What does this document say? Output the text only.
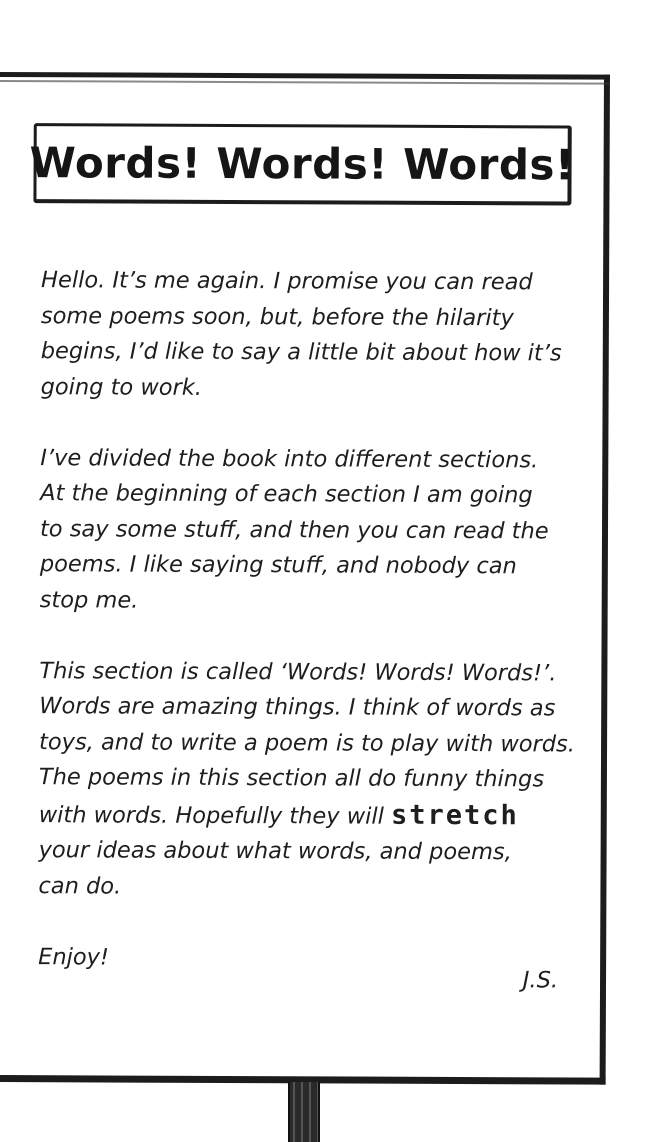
Words! Words! Words!

Hello. It’s me again. I promise you can read
some poems soon, but, before the hilarity
begins, I’d like to say a little bit about how it’s
going to work.

I’ve divided the book into different sections.
At the beginning of each section I am going
to say some stuff, and then you can read the
poems. I like saying stuff, and nobody can
stop me.

This section is called ‘Words! Words! Words!’.
Words are amazing things. I think of words as
toys, and to write a poem is to play with words.
The poems in this section all do funny things
with words. Hopefully they will stretch
your ideas about what words, and poems,
can do.

Enjoy!

J.S.
